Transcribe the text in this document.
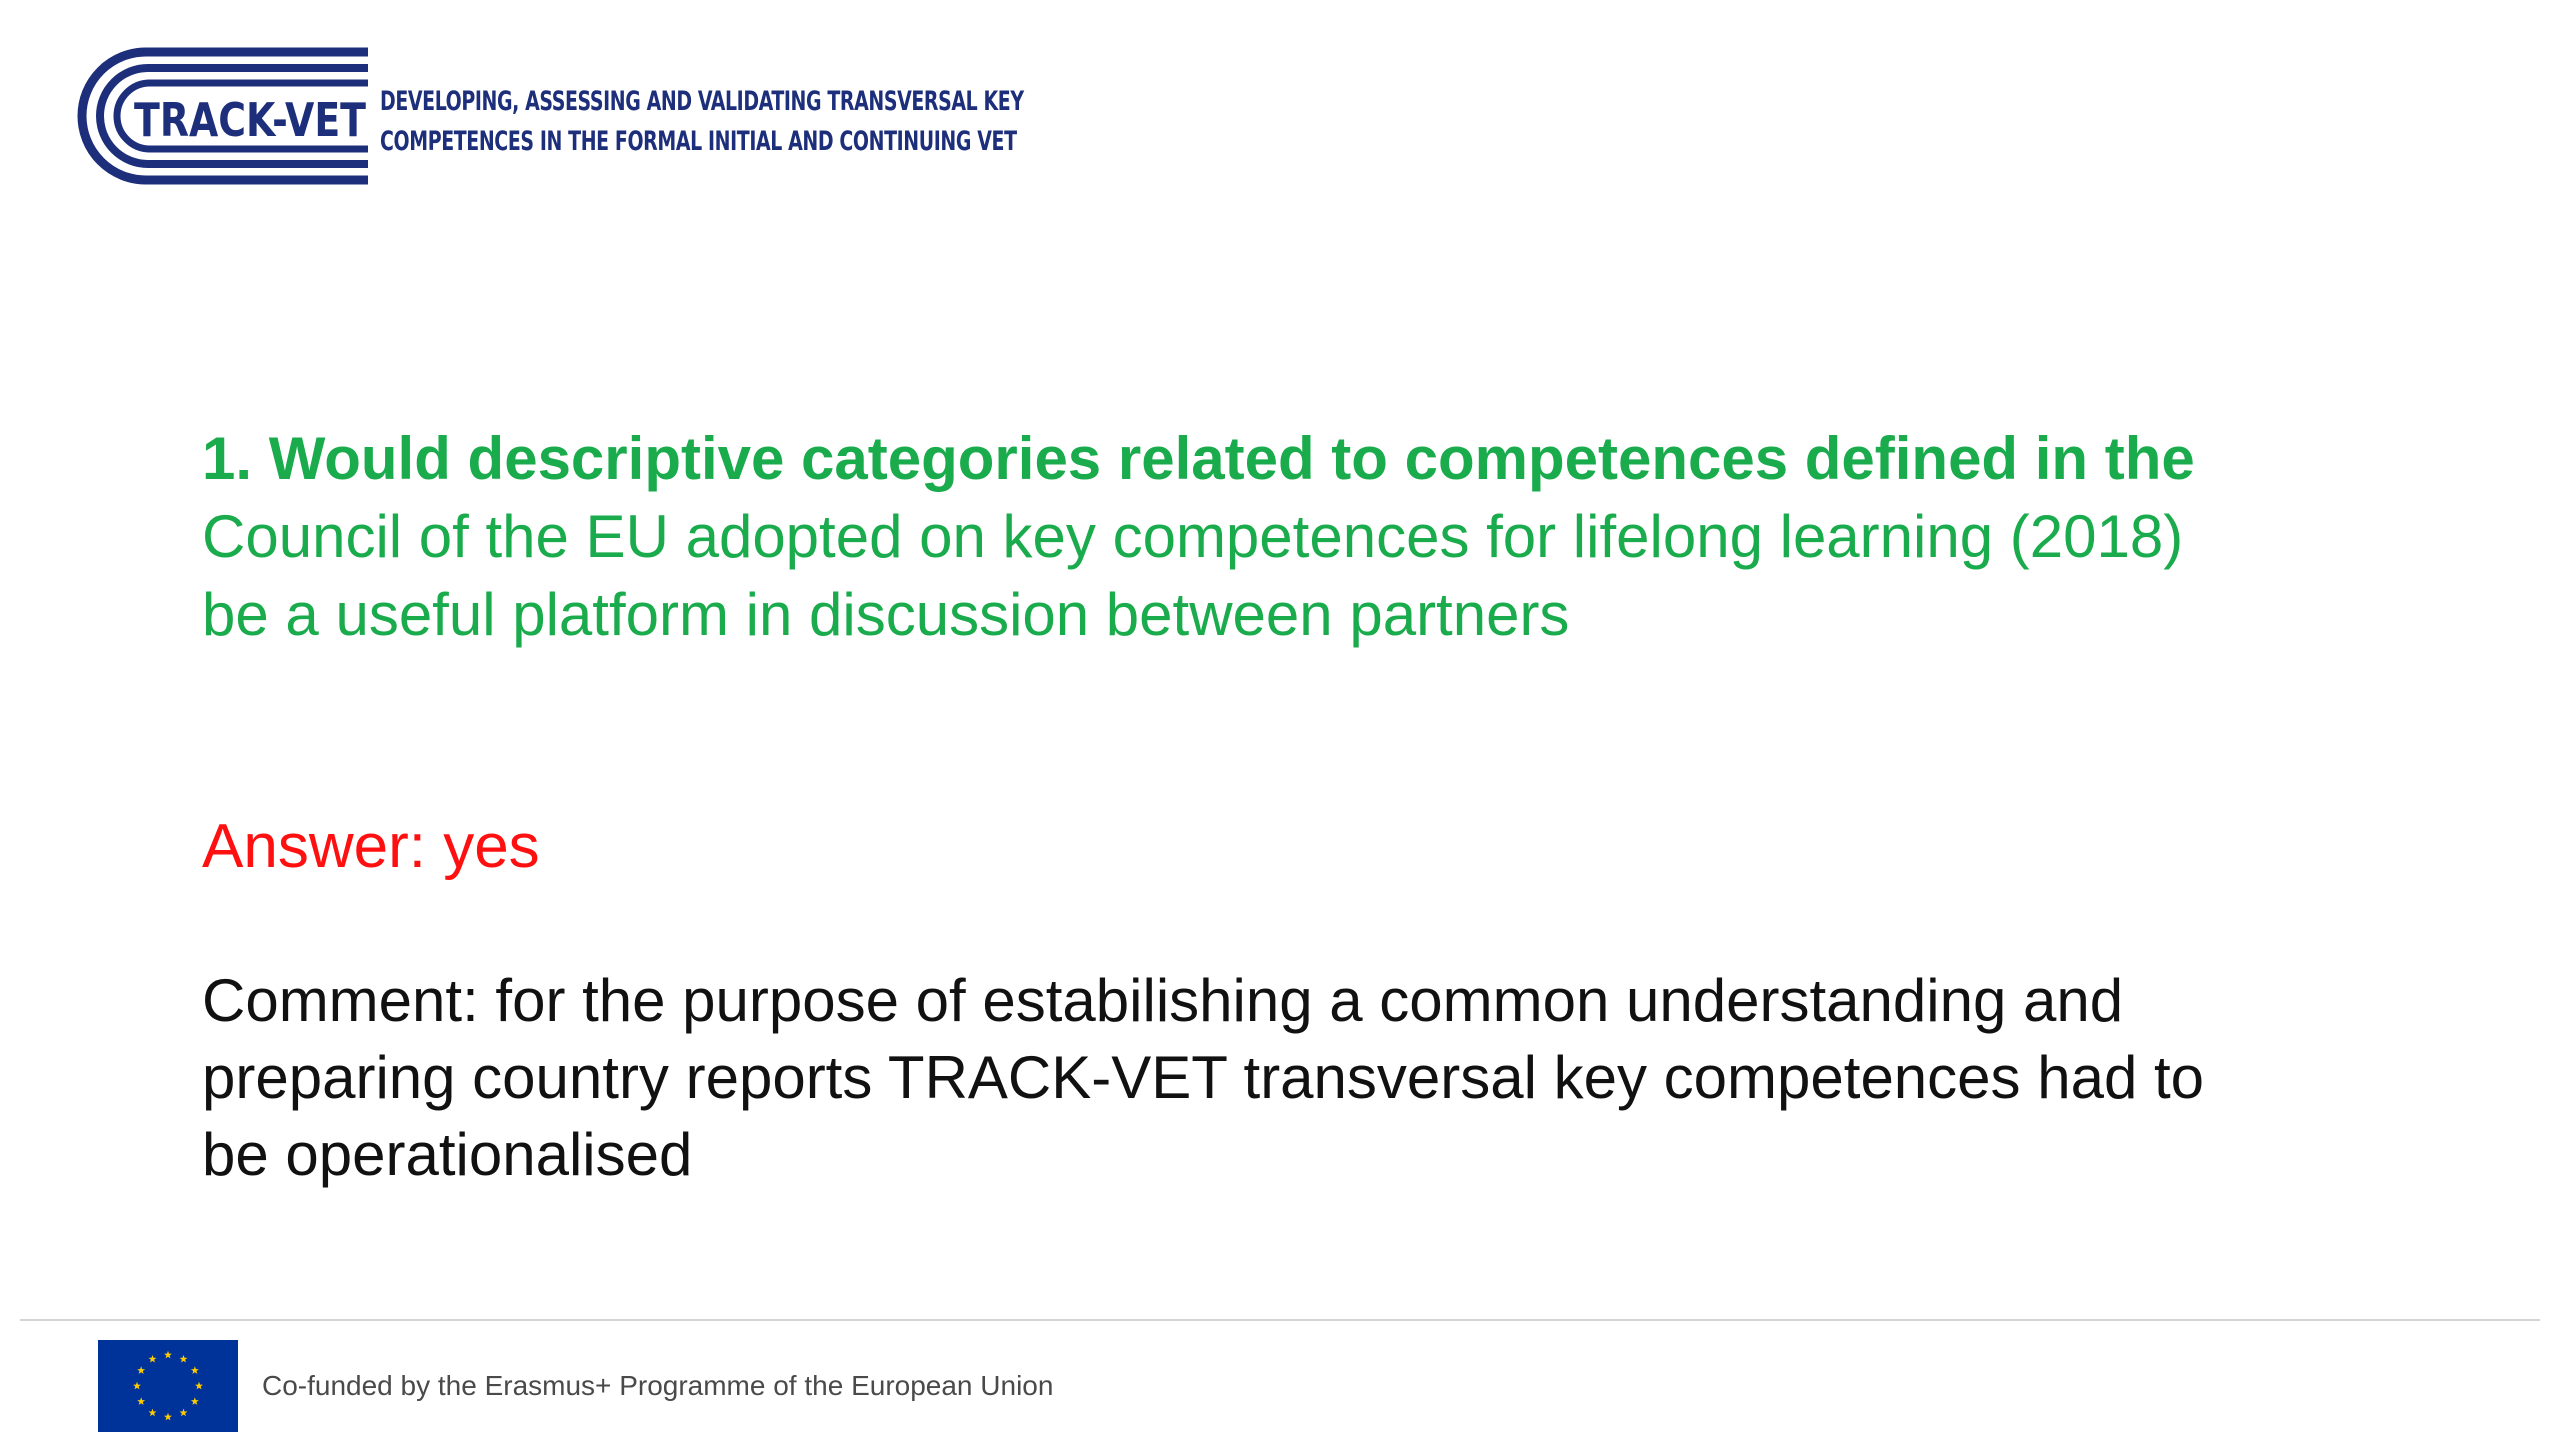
TRACK-VET DEVELOPING, ASSESSING AND VALIDATING TRANSVERSAL KEY
COMPETENCES IN THE FORMAL INITIAL AND CONTINUING VET

1. Would descriptive categories related to competences defined in the
Council of the EU adopted on key competences for lifelong learning (2018)
be a useful platform in discussion between partners

Answer: yes

Comment: for the purpose of estabilishing a common understanding and
preparing country reports TRACK-VET transversal key competences had to
be operationalised

Co-funded by the Erasmus+ Programme of the European Union
